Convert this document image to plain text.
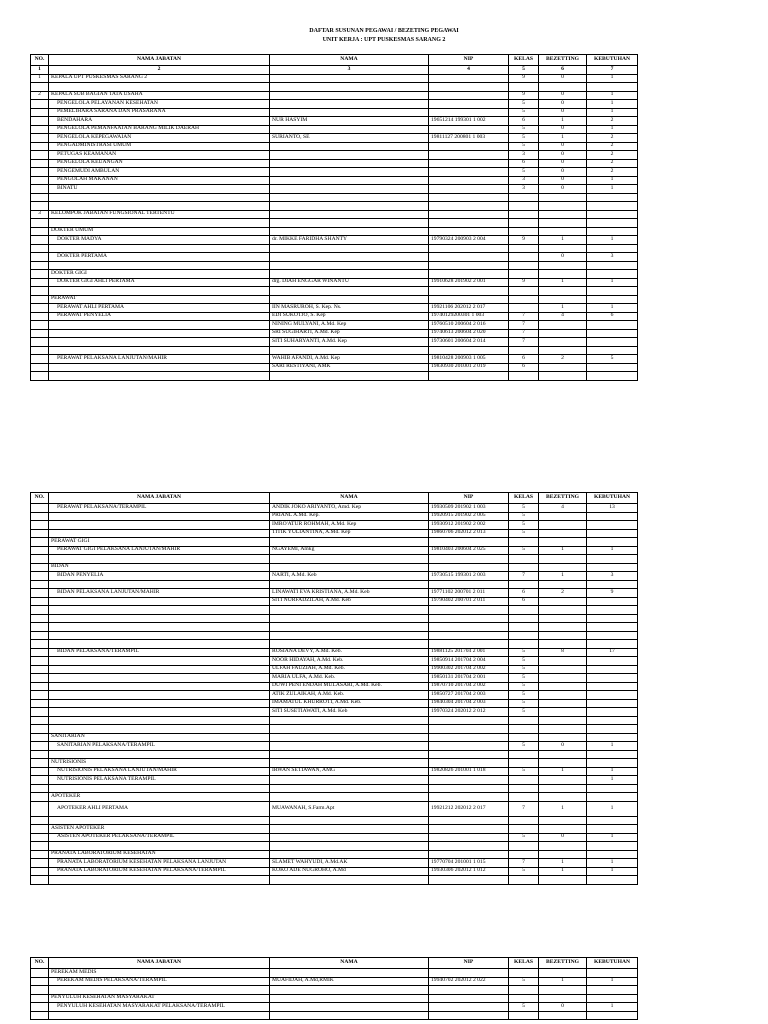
DAFTAR SUSUNAN PEGAWAI / BEZETING PEGAWAI
UNIT KERJA : UPT PUSKESMAS SARANG 2
NO.	NAMA JABATAN	NAMA	NIP	KELAS	BEZETTING	KEBUTUHAN
1	2	3	4	5	6	7
1	KEPALA UPT PUSKESMAS SARANG 2			9	0	1

2	KEPALA SUB BAGIAN TATA USAHA			9	0	1
	PENGELOLA PELAYANAN KESEHATAN			5	0	1
	PEMELIHARA SARANA DAN PRASARANA			5	0	1
	BENDAHARA	NUR HASYIM	19651214 199301 1 002	6	1	2
	PENGELOLA PEMANFAATAN BARANG MILIK DAERAH			5	0	1
	PENGELOLA KEPEGAWAIAN	SURIANTO, SE	19811127 200801 1 003	5	1	2
	PENGADMINISTRASI UMUM			5	0	2
	PETUGAS KEAMANAN			3	0	2
	PENGELOLA KEUANGAN			6	0	2
	PENGEMUDI AMBULAN			5	0	2
	PENGOLAH MAKANAN			3	0	1
	BINATU			3	0	1

3	KELOMPOK JABATAN FUNGSIONAL TERTENTU					

	DOKTER UMUM					
	DOKTER MADYA	dr. MIKKE FARIDHA SHANTY	19790324 200903 2 004	9	1	1

	DOKTER PERTAMA				0	3

	DOKTER GIGI					
	DOKTER GIGI AHLI PERTAMA	drg. DIAH ENGGAR WINANTU	19910628 201902 2 001	9	1	1

	PERAWAT					
	PERAWAT AHLI PERTAMA	IIN MASRUROH, S. Kep. Ns.	19921106 202012 2 017		1	1
	PERAWAT PENYELIA	EDI SUKOTJO, S. Kep	19740129200301 1 003	7	4	6
		NINING MULYANI, A.Md. Kep	19760510 200604 2 016	7		
		SRI SUGIHARTI, A.Md. Kep	19740613 200604 2 020	7		
		SITI SUHARYANTI, A.Md. Kep	19730601 200604 2 014	7		

	PERAWAT PELAKSANA LANJUTAN/MAHIR	WAHIB AFANDI, A.Md. Kep	19810428 200903 1 005	6	2	5
		SARI RESTIYANI, AMK	19830930 201001 2 019	6		

NO.	NAMA JABATAN	NAMA	NIP	KELAS	BEZETTING	KEBUTUHAN
	PERAWAT PELAKSANA/TERAMPIL	ANDIK JOKO ARIYANTO, Amd. Kep	19930509 201902 1 003	5	4	13
		PRIANL A.Md. Kep.	19920915 201902 2 005	5		
		IMRO'ATUR ROHMAH, A.Md. Kep	19930912 201902 2 002	5		
		TITIK YULIANTINA, A.Md. Kep	19860706 202012 2 013	5		
	PERAWAT GIGI					
	PERAWAT GIGI PELAKSANA LANJUTAN/MAHIR	NGAYEMI, Amkg	19810403 200604 2 025	5	1	1

	BIDAN					
	BIDAN PENYELIA	NARTI, A.Md. Keb	19730515 199301 2 003	7	1	3

	BIDAN PELAKSANA LANJUTAN/MAHIR	LINAWATI EVA KRISTIANA, A.Md. Keb	19771102 200701 2 011	6	2	9
		SITI NURFADZILAH, A.Md. Keb	19790402 200701 2 011	6		

	BIDAN PELAKSANA/TERAMPIL	ROSIANA DEVY, A.Md. Keb.	19881125 201704 2 001	5	8	17
		NOOR HIDAYAH, A.Md. Keb.	19850914 201704 2 004	5		
		ULFAH FAUZIAH, A.Md. Keb.	19900302 201704 2 002	5		
		MARIA ULFA, A.Md. Keb.	19850131 201704 2 001	5		
		DUWI PENI ENDAH MULASARI, A.Md. Keb.	19870710 201704 2 002	5		
		ATIK ZULAIKAH, A.Md. Keb.	19850727 201704 2 003	5		
		IMAMATUL KHURROTI, A.Md. Keb.	19840304 201704 2 003	5		
		SITI SUSETIAWATI, A.Md. Keb	19970324 202012 2 012	5		

	SANITARIAN					
	SANITARIAN PELAKSANA/TERAMPIL			5	0	1

	NUTRISIONIS					
	NUTRISIONIS PELAKSANA LANJUTAN/MAHIR	IRWAN SETIAWAN, AMG	19820826 201001 1 018	5	1	1
	NUTRISIONIS PELAKSANA TERAMPIL					1

	APOTEKER					
	APOTEKER AHLI PERTAMA	MUAWANAH, S.Farm.Apt	19921212 202012 2 017	7	1	1

	ASISTEN APOTEKER					
	ASISTEN APOTEKER PELAKSANA/TERAMPIL			5	0	1

	PRANATA LABORATORIUM KESEHATAN					
	PRANATA LABORATORIUM KESEHATAN PELAKSANA LANJUTAN	SLAMET WAHYUDI, A.Md.AK	19770704 201001 1 015	7	1	1
	PRANATA LABORATORIUM KESEHATAN PELAKSANA/TERAMPIL	KOKO ADE NUGROHO, A.Md	19930306 202012 1 012	5	1	1

NO.	NAMA JABATAN	NAMA	NIP	KELAS	BEZETTING	KEBUTUHAN
	PEREKAM MEDIS					
	PEREKAM MEDIS PELAKSANA/TERAMPIL	MUAFIDAH, A.Md,RMIK	19940702 202012 2 022	5	1	1

	PENYULUH KESEHATAN MASYARAKAT					
	PENYULUH KESEHATAN MASYARAKAT PELAKSANA/TERAMPIL			5	0	1
